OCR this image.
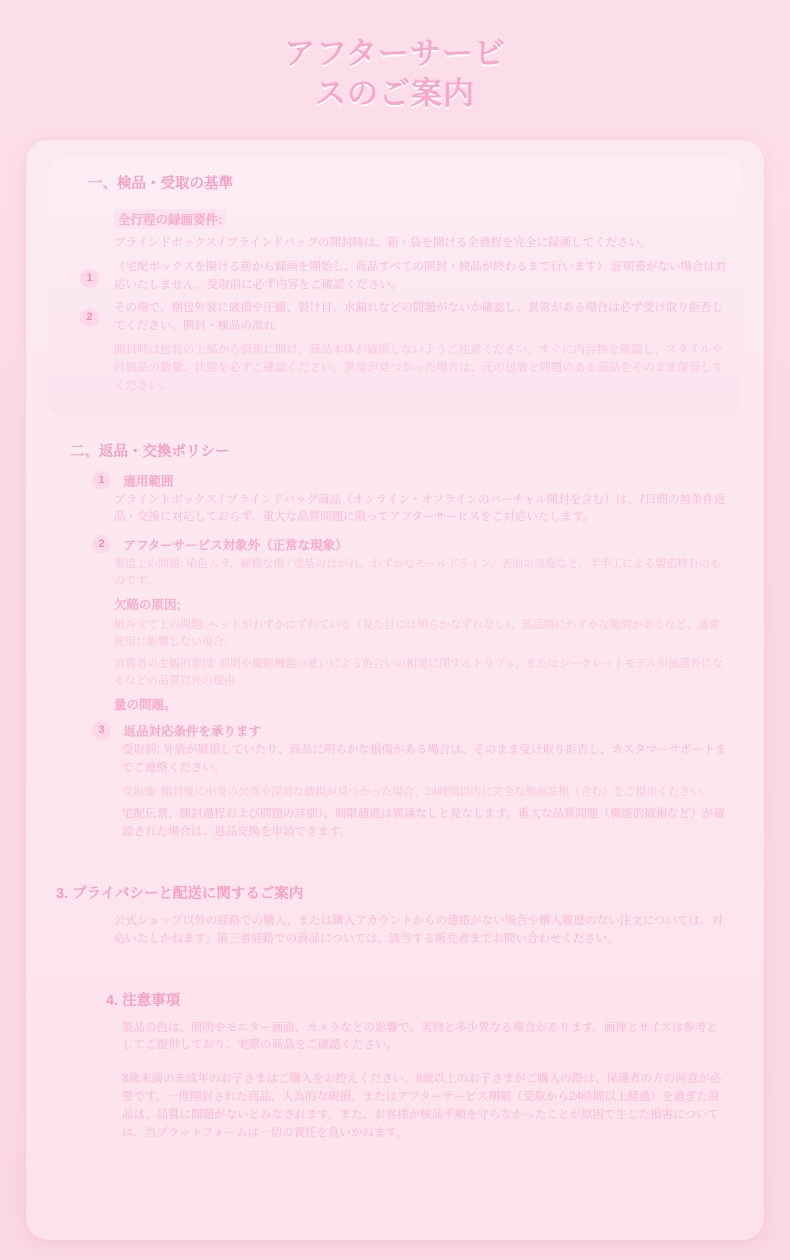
アフターサービ
スのご案内
一、検品・受取の基準
全行程の録画要件:
ブラインドボックス / ブラインドバッグの開封時は、箱・袋を開ける全過程を完全に録画してください。
1
（宅配ボックスを開ける前から録画を開始し、商品すべての開封・検品が終わるまで行います） 証明書がない場合は対応いたしません。受取前に必ず内容をご確認ください。
2
その場で、梱包外装に破損や圧縮、裂け目、水漏れなどの問題がないか確認し、異常がある場合は必ず受け取り拒否してください。開封・検品の流れ
開封時は包装の上部から慎重に開け、商品本体が破損しないようご注意ください。すぐに内容物を確認し、スタイルや付属品の数量、状態を必ずご確認ください。異常が見つかった場合は、元の包装と問題のある商品をそのまま保管してください。
二、返品・交換ポリシー
1 適用範囲
ブラインドボックス / ブラインドバッグ商品（オンライン・オフラインのバーチャル開封を含む）は、7日間の無条件返品・交換に対応しておらず、重大な品質問題に限ってアフターサービスをご対応いたします。
2 アフターサービス対象外（正常な現象）
製造上の問題: 染色ムラ、軽微な傷 / 塗装のはがれ、わずかなモールドライン、表面の気泡など、半手工による製造特有のものです。
欠陥の原因;
組み立て上の問題: ヘッドがわずかにずれている（見た目には明らかなずれなし）、部品間にわずかな隙間があるなど、通常使用に影響しない場合;
消費者の主観的要因: 照明や撮影機器の違いによる色合いの相違に関するトラブル、またはシークレットモデルが抽選外になるなどの品質以外の理由
量の問題。
3 返品対応条件を承ります
受取前: 外装が破損していたり、商品に明らかな損傷がある場合は、そのまま受け取り拒否し、カスタマーサポートまでご連絡ください。
受取後: 開封後に中身の欠落や深刻な破損が見つかった場合、24時間以内に完全な動画証拠（含む）をご提出ください。
宅配伝票、開封過程および問題の詳細）、期限超過は異議なしと見なします。重大な品質問題（機能的破損など）が確認された場合は、返品交換を申請できます。
3. プライバシーと配送に関するご案内
公式ショップ以外の経路での購入、または購入アカウントからの連絡がない場合や購入履歴のない注文については、対応いたしかねます。第三者経路での商品については、該当する販売者までお問い合わせください。
4. 注意事項
製品の色は、照明やモニター画面、カメラなどの影響で、実物と多少異なる場合があります。画像とサイズは参考としてご提供しており、実際の商品をご確認ください。
8歳未満の未成年のお子さまはご購入をお控えください。8歳以上のお子さまがご購入の際は、保護者の方の同意が必要です。一度開封された商品、人為的な破損、またはアフターサービス期限（受取から24時間以上経過）を過ぎた商品は、品質に問題がないとみなされます。また、お客様が検品手順を守らなかったことが原因で生じた損害については、当プラットフォームは一切の責任を負いかねます。
